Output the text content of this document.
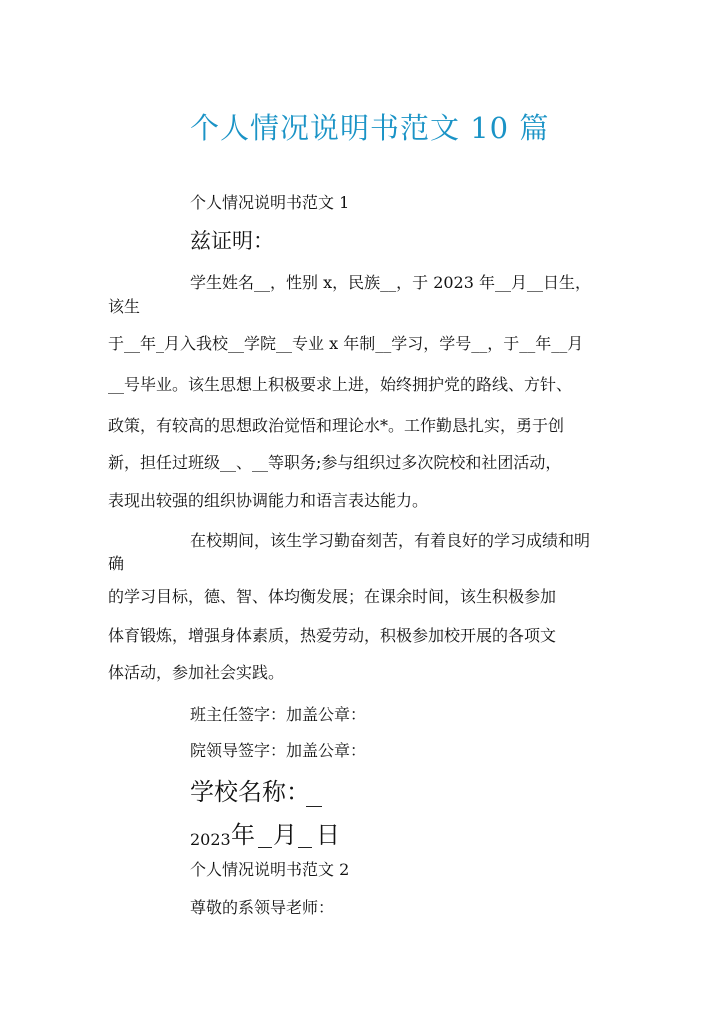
个人情况说明书范文 10 篇
个人情况说明书范文 1
兹证明：
学生姓名__，性别 x，民族__，于 2023 年__月__日生，
该生
于__年_月入我校__学院__专业 x 年制__学习，学号__，于__年__月
__号毕业。该生思想上积极要求上进，始终拥护党的路线、方针、
政策，有较高的思想政治觉悟和理论水*。工作勤恳扎实，勇于创
新，担任过班级__、__等职务;参与组织过多次院校和社团活动，
表现出较强的组织协调能力和语言表达能力。
在校期间，该生学习勤奋刻苦，有着良好的学习成绩和明
确
的学习目标，德、智、体均衡发展；在课余时间，该生积极参加
体育锻炼，增强身体素质，热爱劳动，积极参加校开展的各项文
体活动，参加社会实践。
班主任签字：加盖公章：
院领导签字：加盖公章：
学校名称：
2023 年 月 日
个人情况说明书范文 2
尊敬的系领导老师：
